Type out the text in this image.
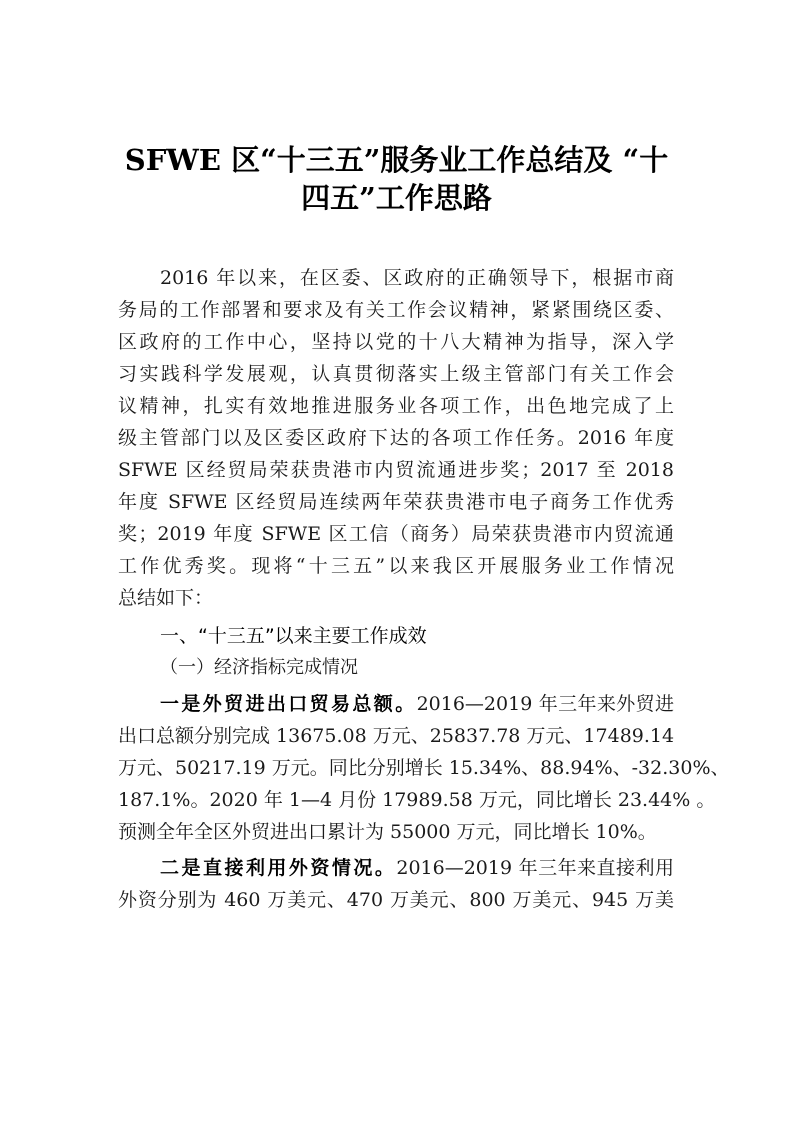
SFWE 区“十三五”服务业工作总结及 “十
四五”工作思路
2016 年以来，在区委、区政府的正确领导下，根据市商
务局的工作部署和要求及有关工作会议精神，紧紧围绕区委、
区政府的工作中心，坚持以党的十八大精神为指导，深入学
习实践科学发展观，认真贯彻落实上级主管部门有关工作会
议精神，扎实有效地推进服务业各项工作，出色地完成了上
级主管部门以及区委区政府下达的各项工作任务。2016 年度
SFWE 区经贸局荣获贵港市内贸流通进步奖；2017 至 2018
年度 SFWE 区经贸局连续两年荣获贵港市电子商务工作优秀
奖；2019 年度 SFWE 区工信（商务）局荣获贵港市内贸流通
工作优秀奖。现将“十三五”以来我区开展服务业工作情况
总结如下：
一、“十三五”以来主要工作成效
（一）经济指标完成情况
一是外贸进出口贸易总额。2016—2019 年三年来外贸进
出口总额分别完成 13675.08 万元、25837.78 万元、17489.14
万元、50217.19 万元。同比分别增长 15.34%、88.94%、-32.30%、
187.1%。2020 年 1—4 月份 17989.58 万元，同比增长 23.44% 。
预测全年全区外贸进出口累计为 55000 万元，同比增长 10%。
二是直接利用外资情况。2016—2019 年三年来直接利用
外资分别为 460 万美元、470 万美元、800 万美元、945 万美
